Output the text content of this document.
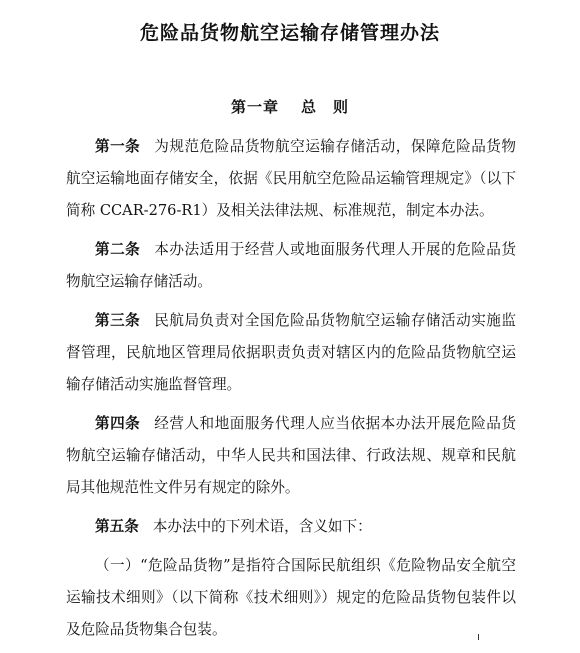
危险品货物航空运输存储管理办法
第一章 总　则

第一条 为规范危险品货物航空运输存储活动，保障危险品货物航空运输地面存储安全，依据《民用航空危险品运输管理规定》（以下简称 CCAR-276-R1）及相关法律法规、标准规范，制定本办法。

第二条 本办法适用于经营人或地面服务代理人开展的危险品货物航空运输存储活动。

第三条 民航局负责对全国危险品货物航空运输存储活动实施监督管理，民航地区管理局依据职责负责对辖区内的危险品货物航空运输存储活动实施监督管理。

第四条 经营人和地面服务代理人应当依据本办法开展危险品货物航空运输存储活动，中华人民共和国法律、行政法规、规章和民航局其他规范性文件另有规定的除外。

第五条 本办法中的下列术语，含义如下：

（一）“危险品货物”是指符合国际民航组织《危险物品安全航空运输技术细则》（以下简称《技术细则》）规定的危险品货物包装件以及危险品货物集合包装。
